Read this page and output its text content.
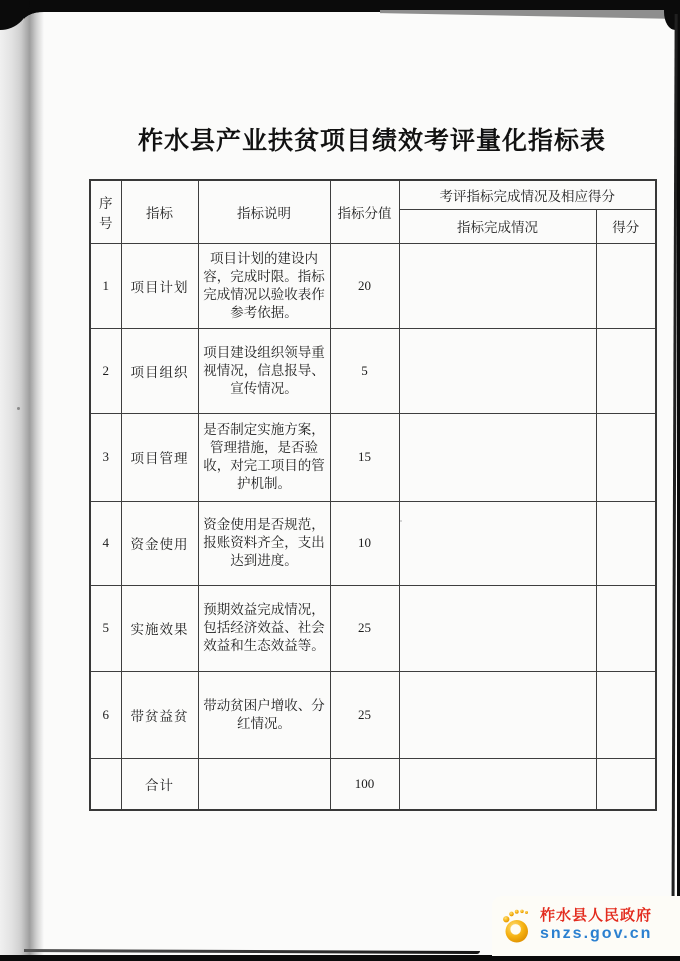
柞水县产业扶贫项目绩效考评量化指标表
序号	指标	指标说明	指标分值	考评指标完成情况及相应得分	
				指标完成情况	得分
1	项目计划	项目计划的建设内容，完成时限。指标完成情况以验收表作参考依据。	20		
2	项目组织	项目建设组织领导重视情况，信息报导、宣传情况。	5		
3	项目管理	是否制定实施方案，管理措施，是否验收，对完工项目的管护机制。	15		
4	资金使用	资金使用是否规范，报账资料齐全，支出达到进度。	10		
5	实施效果	预期效益完成情况，包括经济效益、社会效益和生态效益等。	25		
6	带贫益贫	带动贫困户增收、分红情况。	25		
	合计		100		
柞水县人民政府
snzs.gov.cn
